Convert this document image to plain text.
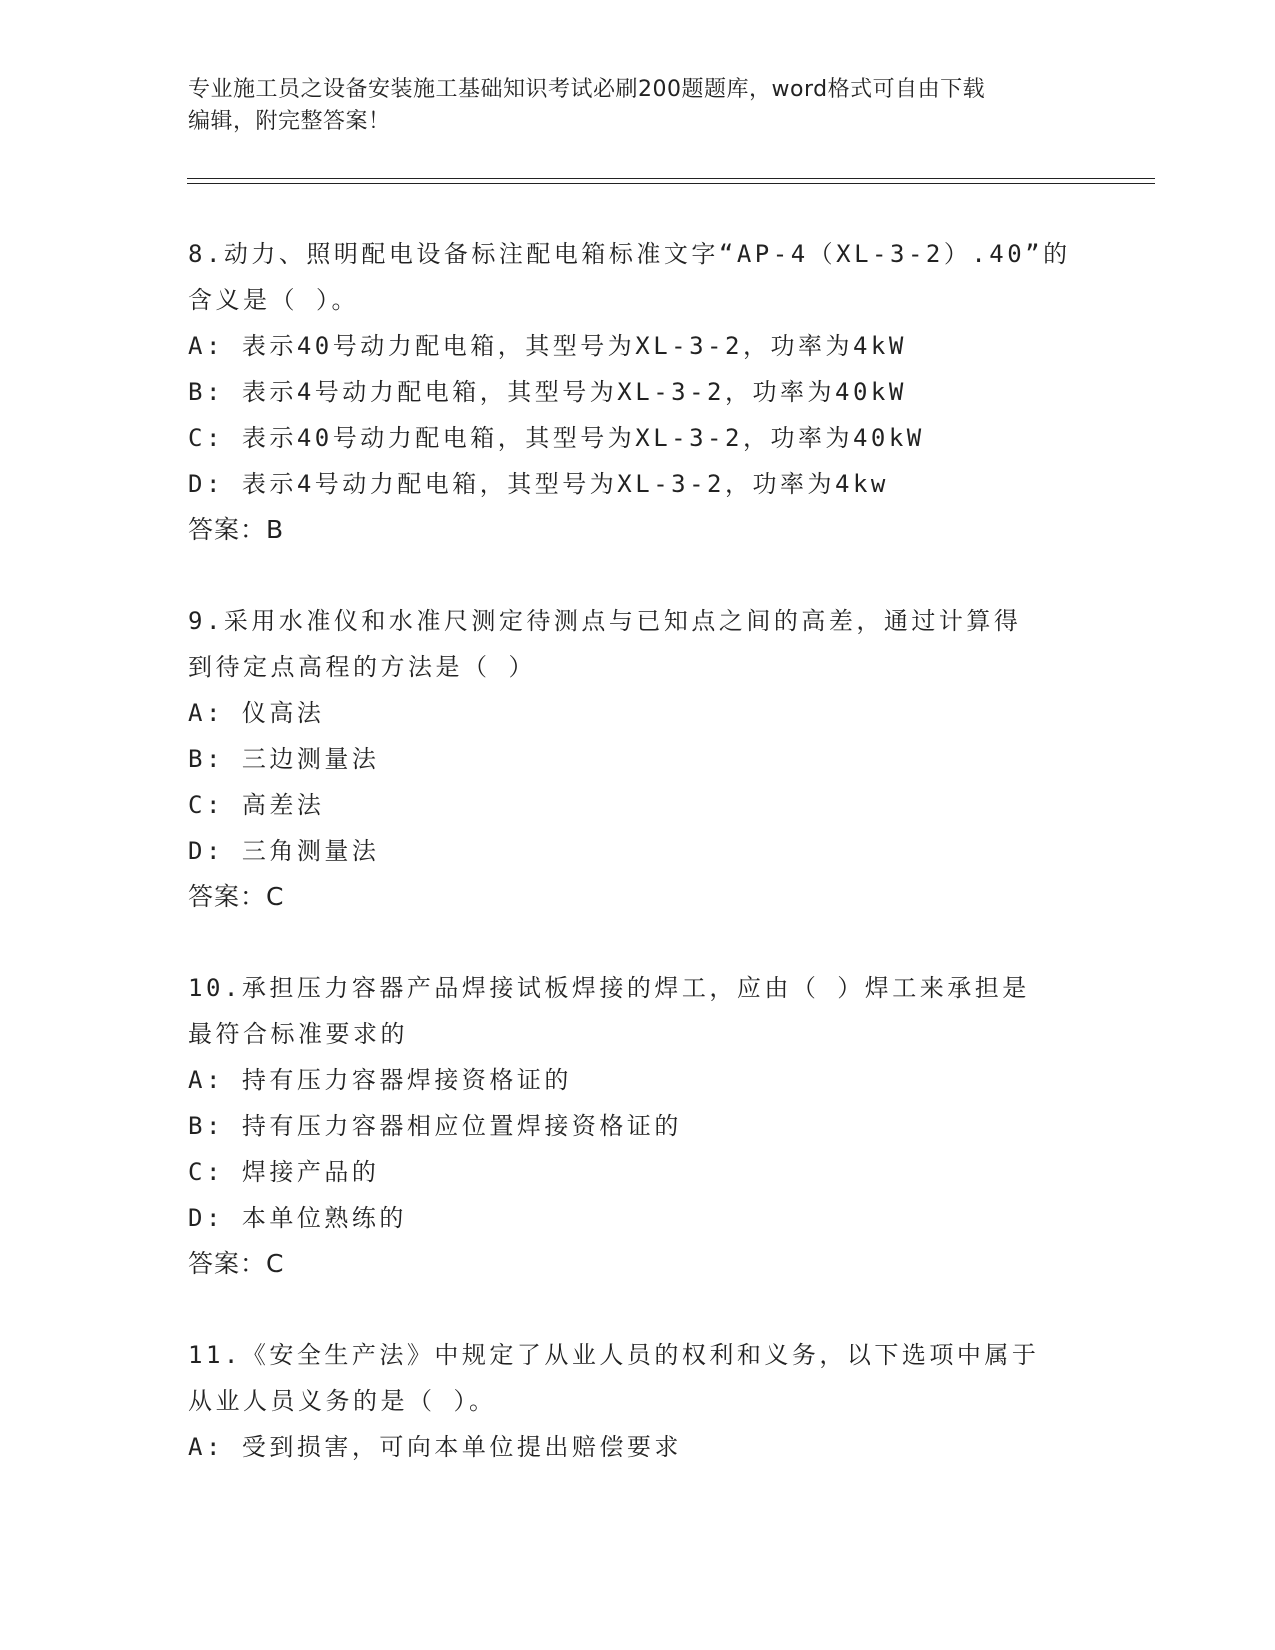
专业施工员之设备安装施工基础知识考试必刷200题题库，word格式可自由下载
编辑，附完整答案！
8.动力、照明配电设备标注配电箱标准文字“AP-4（XL-3-2）.40”的
含义是（ ）。
A: 表示40号动力配电箱，其型号为XL-3-2，功率为4kW
B: 表示4号动力配电箱，其型号为XL-3-2，功率为40kW
C: 表示40号动力配电箱，其型号为XL-3-2，功率为40kW
D: 表示4号动力配电箱，其型号为XL-3-2，功率为4kw
答案：B
9.采用水准仪和水准尺测定待测点与已知点之间的高差，通过计算得
到待定点高程的方法是（ ）
A: 仪高法
B: 三边测量法
C: 高差法
D: 三角测量法
答案：C
10.承担压力容器产品焊接试板焊接的焊工，应由（ ）焊工来承担是
最符合标准要求的
A: 持有压力容器焊接资格证的
B: 持有压力容器相应位置焊接资格证的
C: 焊接产品的
D: 本单位熟练的
答案：C
11.《安全生产法》中规定了从业人员的权利和义务，以下选项中属于
从业人员义务的是（ ）。
A: 受到损害，可向本单位提出赔偿要求
